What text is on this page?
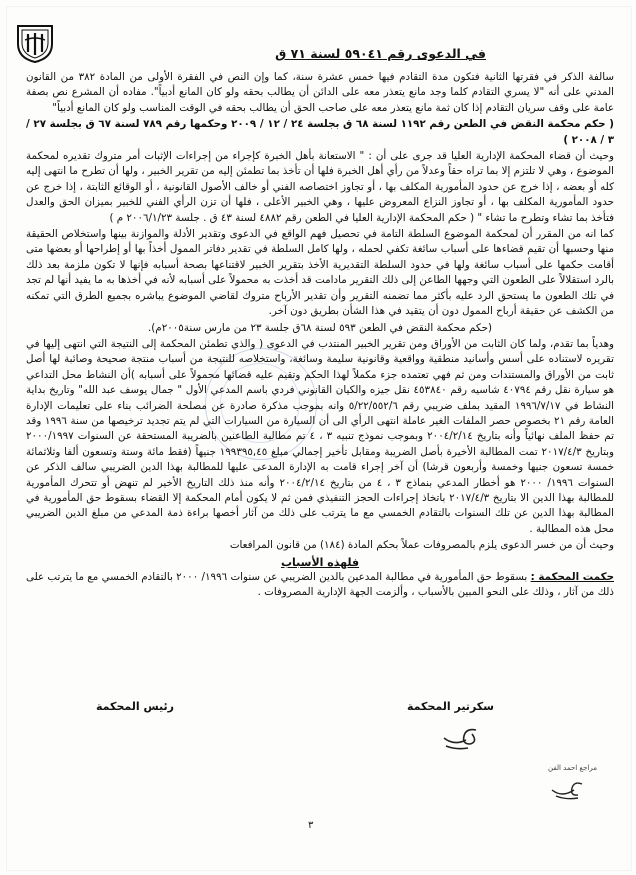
في الدعوى رقم ٥٩٠٤١ لسنة ٧١ ق

سالفة الذكر في فقرتها الثانية فتكون مدة التقادم فيها خمس عشرة سنة، كما وإن النص في الفقرة الأولى من المادة ٣٨٢ من القانون المدني على أنه "لا يسري التقادم كلما وجد مانع يتعذر معه على الدائن أن يطالب بحقه ولو كان المانع أدبياً". مفاده أن المشرع نص بصفة عامة على وقف سريان التقادم إذا كان ثمة مانع يتعذر معه على صاحب الحق أن يطالب بحقه في الوقت المناسب ولو كان المانع أدبياً"

( حكم محكمة النقض في الطعن رقم ١١٩٢ لسنة ٦٨ ق بجلسة ٢٤ / ١٢ / ٢٠٠٩ وحكمها رقم ٧٨٩ لسنة ٦٧ ق بجلسة ٢٧ / ٣ / ٢٠٠٨ )

وحيث أن قضاء المحكمة الإدارية العليا قد جرى على أن : " الاستعانة بأهل الخبرة كإجراء من إجراءات الإثبات أمر متروك تقديره لمحكمة الموضوع ، وهي لا تلتزم إلا بما تراه حقاً وعدلاً من رأي أهل الخبرة فلها أن تأخذ بما تطمئن إليه من تقرير الخبير ، ولها أن تطرح ما انتهى إليه كله أو بعضه ، إذا خرج عن حدود المأمورية المكلف بها ، أو تجاوز اختصاصه الفني أو خالف الأصول القانونية ، أو الوقائع الثابتة ، إذا خرج عن حدود المأمورية المكلف بها ، أو تجاوز النزاع المعروض عليها ، وهي الخبير الأعلى ، فلها أن تزن الرأي الفني للخبير بميزان الحق والعدل فتأخذ بما تشاء وتطرح ما تشاء " ( حكم المحكمة الإدارية العليا في الطعن رقم ٤٨٨٢ لسنة ٤٣ ق . جلسة ٢٠٠٦/١/٢٣ م )

كما انه من المقرر أن لمحكمة الموضوع السلطة التامة في تحصيل فهم الواقع في الدعوى وتقدير الأدلة والموازنة بينها واستخلاص الحقيقة منها وحسبها أن تقيم قضاءها على أسباب سائغة تكفي لحمله ، ولها كامل السلطة في تقدير دفاتر الممول أخذاً بها أو إطراحها أو بعضها متى أقامت حكمها على أسباب سائغة ولها في حدود السلطة التقديرية الأخذ بتقرير الخبير لاقتناعها بصحة أسبابه فإنها لا تكون ملزمة بعد ذلك بالرد استقلالاً على الطعون التي وجهها الطاعن إلى ذلك التقرير مادامت قد أخذت به محمولاً على أسبابه لأنه في أخذها به ما يفيد أنها لم تجد في تلك الطعون ما يستحق الرد عليه بأكثر مما تضمنه التقرير وأن تقدير الأرباح متروك لقاضي الموضوع يباشره بجميع الطرق التي تمكنه من الكشف عن حقيقة أرباح الممول دون أن يتقيد في هذا الشأن بطريق دون آخر.

(حكم محكمة النقض في الطعن ٥٩٣ لسنة ٦٨ق جلسة ٢٣ من مارس سنة٢٠٠٥م).

وهدياً بما تقدم، ولما كان الثابت من الأوراق ومن تقرير الخبير المنتدب في الدعوى ( والذي تطمئن المحكمة إلى النتيجة التي انتهى إليها في تقريره لاستناده على أسس وأسانيد منطقية وواقعية وقانونية سليمة وسائغة، واستخلاصه للنتيجة من أسباب منتجة صحيحة وصائبة لها أصل ثابت من الأوراق والمستندات ومن ثم فهي تعتمده جزء مكملاً لهذا الحكم وتقيم عليه قضائها محمولاً على أسبابه )أن النشاط محل التداعي هو سيارة نقل رقم ٤٠٧٩٤ شاسيه رقم ٤٥٣٨٤٠ نقل جيزه والكيان القانوني فردي باسم المدعي الأول " جمال يوسف عبد الله" وتاريخ بداية النشاط في ١٩٩٦/٧/١٧ المقيد بملف ضريبي رقم ٥/٢٢/٥٥٢/٦ وانه بموجب مذكرة صادرة عن مصلحة الضرائب بناء على تعليمات الإدارة العامة رقم ٢١ بخصوص حصر الملفات الغير عاملة انتهى الرأي الى أن السيارة من السيارات التي لم يتم تجديد ترخيصها من سنة ١٩٩٦ وقد تم حفظ الملف نهائياً وأنه بتاريخ ٢٠٠٤/٢/١٤ وبموجب نموذج تنبيه ٣ ، ٤ تم مطالبة الطاعنين بالضريبة المستحقة عن السنوات ٢٠٠٠/١٩٩٧ وبتاريخ ٢٠١٧/٤/٣ تمت المطالبة الأخيرة بأصل الضريبة ومقابل تأخير إجمالي مبلغ ١٩٩٣٩٥,٤٥ جنيهاً (فقط مائة وستة وتسعون ألفا وثلاثمائة خمسة تسعون جنيها وخمسة وأربعون قرشا) أن آخر إجراء قامت به الإدارة المدعى عليها للمطالبة بهذا الدين الضريبي سالف الذكر عن السنوات ١٩٩٦/ ٢٠٠٠ هو أخطار المدعي بنماذج ٣ ، ٤ من بتاريخ ٢٠٠٤/٢/١٤ وأنه منذ ذلك التاريخ الأخير لم تنهض أو تتحرك المأمورية للمطالبة بهذا الدين الا بتاريخ ٢٠١٧/٤/٣ باتخاذ إجراءات الحجز التنفيذي فمن ثم لا يكون أمام المحكمة إلا القضاء بسقوط حق المأمورية في المطالبة بهذا الدين عن تلك السنوات بالتقادم الخمسي مع ما يترتب على ذلك من آثار أخصها براءة ذمة المدعي من مبلغ الدين الضريبي محل هذه المطالبة .

وحيث أن من خسر الدعوى يلزم بالمصروفات عملاً بحكم المادة (١٨٤) من قانون المرافعات

فلهذه الأسباب

حكمت المحكمة : بسقوط حق المأمورية في مطالبة المدعين بالدين الضريبي عن سنوات ١٩٩٦/ ٢٠٠٠ بالتقادم الخمسي مع ما يترتب على ذلك من آثار ، وذلك على النحو المبين بالأسباب ، وألزمت الجهة الإدارية المصروفات .

سكرتير المحكمة
رئيس المحكمة
مراجع احمد الفن
٣
